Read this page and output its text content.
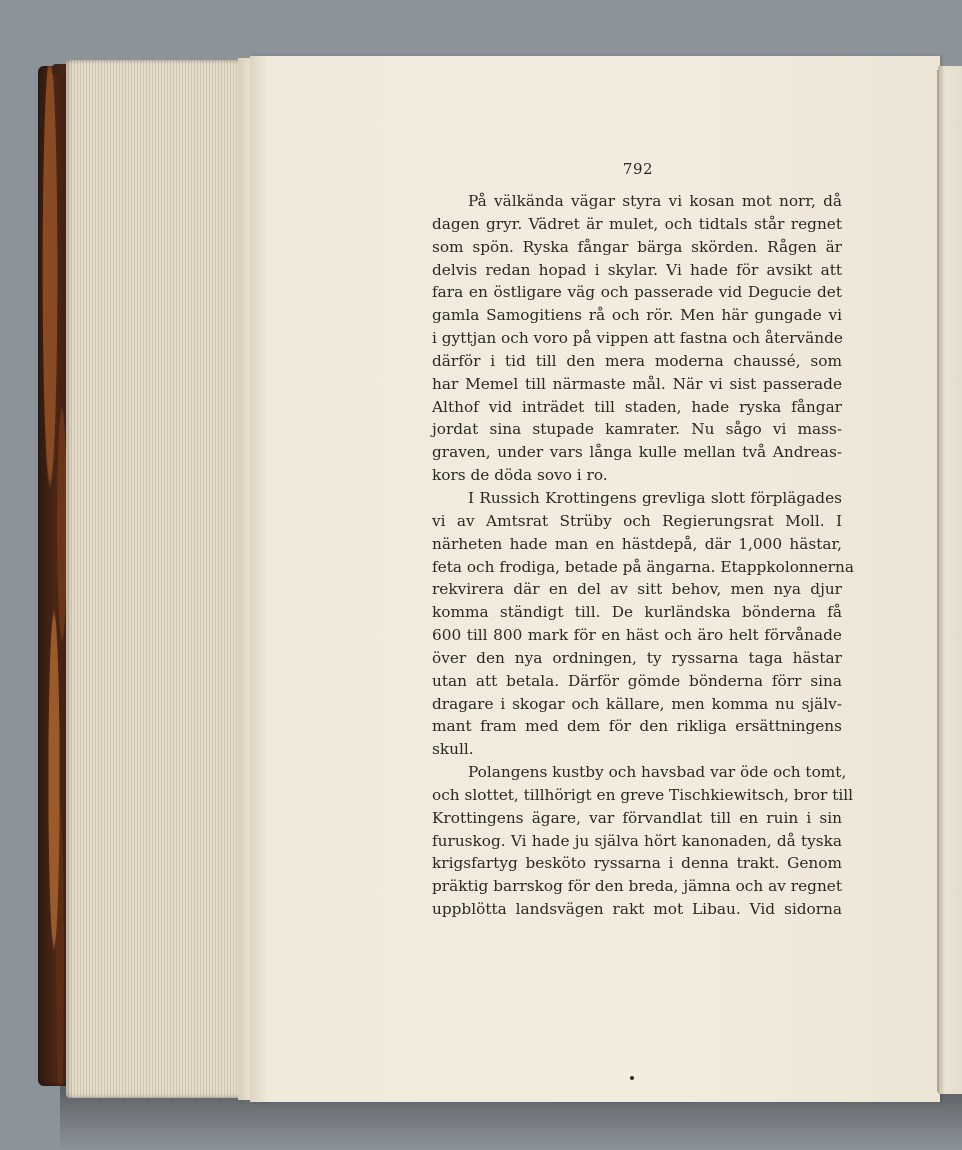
792
På välkända vägar styra vi kosan mot norr, då
dagen gryr. Vädret är mulet, och tidtals står regnet
som spön. Ryska fångar bärga skörden. Rågen är
delvis redan hopad i skylar. Vi hade för avsikt att
fara en östligare väg och passerade vid Degucie det
gamla Samogitiens rå och rör. Men här gungade vi
i gyttjan och voro på vippen att fastna och återvände
därför i tid till den mera moderna chaussé, som
har Memel till närmaste mål. När vi sist passerade
Althof vid inträdet till staden, hade ryska fångar
jordat sina stupade kamrater. Nu sågo vi mass-
graven, under vars långa kulle mellan två Andreas-
kors de döda sovo i ro.
I Russich Krottingens grevliga slott förplägades
vi av Amtsrat Strüby och Regierungsrat Moll. I
närheten hade man en hästdepå, där 1,000 hästar,
feta och frodiga, betade på ängarna. Etappkolonnerna
rekvirera där en del av sitt behov, men nya djur
komma ständigt till. De kurländska bönderna få
600 till 800 mark för en häst och äro helt förvånade
över den nya ordningen, ty ryssarna taga hästar
utan att betala. Därför gömde bönderna förr sina
dragare i skogar och källare, men komma nu själv-
mant fram med dem för den rikliga ersättningens
skull.
Polangens kustby och havsbad var öde och tomt,
och slottet, tillhörigt en greve Tischkiewitsch, bror till
Krottingens ägare, var förvandlat till en ruin i sin
furuskog. Vi hade ju själva hört kanonaden, då tyska
krigsfartyg besköto ryssarna i denna trakt. Genom
präktig barrskog för den breda, jämna och av regnet
uppblötta landsvägen rakt mot Libau. Vid sidorna
